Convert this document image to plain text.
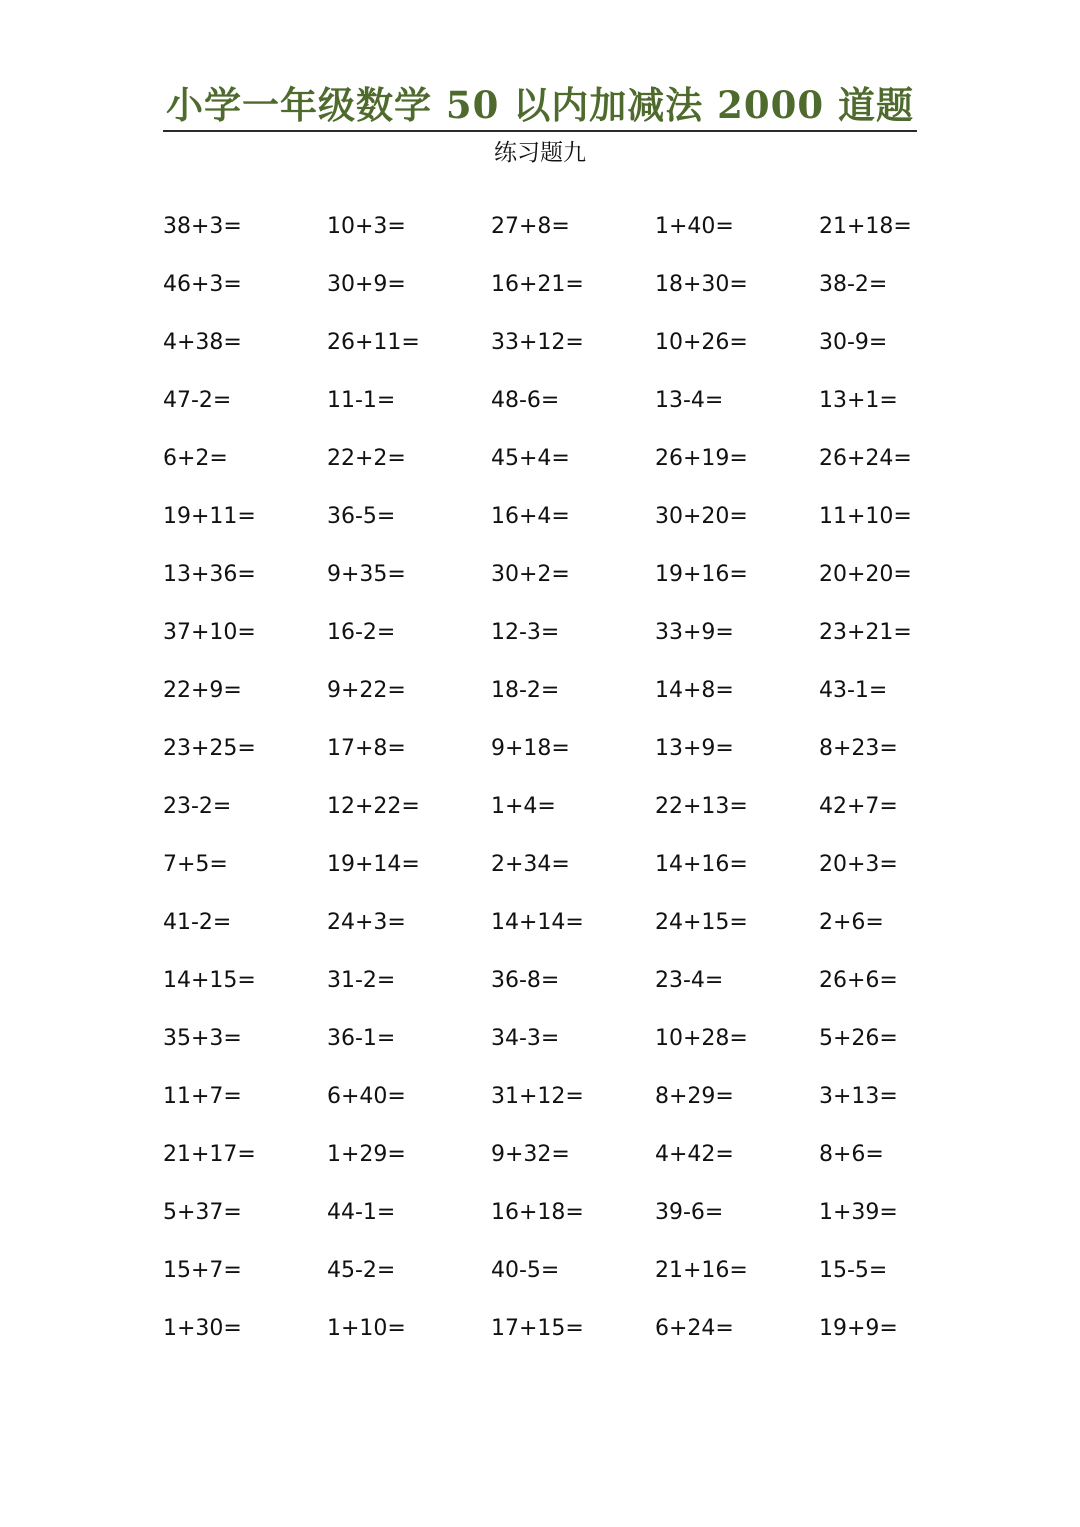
小学一年级数学 50 以内加减法 2000 道题
练习题九
38+3=	10+3=	27+8=	1+40=	21+18=
46+3=	30+9=	16+21=	18+30=	38-2=
4+38=	26+11=	33+12=	10+26=	30-9=
47-2=	11-1=	48-6=	13-4=	13+1=
6+2=	22+2=	45+4=	26+19=	26+24=
19+11=	36-5=	16+4=	30+20=	11+10=
13+36=	9+35=	30+2=	19+16=	20+20=
37+10=	16-2=	12-3=	33+9=	23+21=
22+9=	9+22=	18-2=	14+8=	43-1=
23+25=	17+8=	9+18=	13+9=	8+23=
23-2=	12+22=	1+4=	22+13=	42+7=
7+5=	19+14=	2+34=	14+16=	20+3=
41-2=	24+3=	14+14=	24+15=	2+6=
14+15=	31-2=	36-8=	23-4=	26+6=
35+3=	36-1=	34-3=	10+28=	5+26=
11+7=	6+40=	31+12=	8+29=	3+13=
21+17=	1+29=	9+32=	4+42=	8+6=
5+37=	44-1=	16+18=	39-6=	1+39=
15+7=	45-2=	40-5=	21+16=	15-5=
1+30=	1+10=	17+15=	6+24=	19+9=
